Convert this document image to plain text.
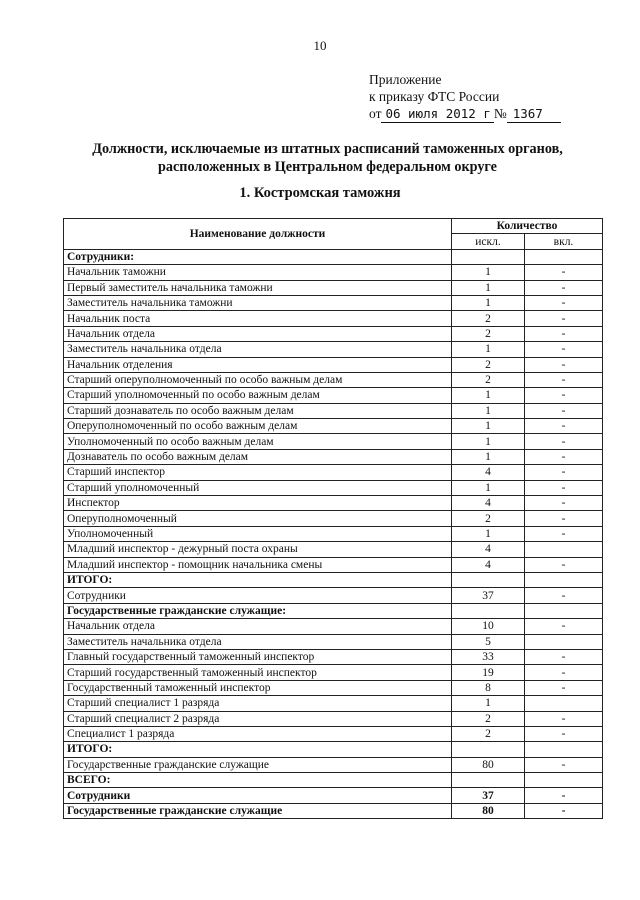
10
Приложение
к приказу ФТС России
от 06 июля 2012 г № 1367
Должности, исключаемые из штатных расписаний таможенных органов,
расположенных в Центральном федеральном округе
1. Костромская таможня
Наименование должности	Количество	
	искл.	вкл.
Сотрудники:		
Начальник таможни	1	-
Первый заместитель начальника таможни	1	-
Заместитель начальника таможни	1	-
Начальник поста	2	-
Начальник отдела	2	-
Заместитель начальника отдела	1	-
Начальник отделения	2	-
Старший оперуполномоченный по особо важным делам	2	-
Старший уполномоченный по особо важным делам	1	-
Старший дознаватель по особо важным делам	1	-
Оперуполномоченный по особо важным делам	1	-
Уполномоченный по особо важным делам	1	-
Дознаватель по особо важным делам	1	-
Старший инспектор	4	-
Старший уполномоченный	1	-
Инспектор	4	-
Оперуполномоченный	2	-
Уполномоченный	1	-
Младший инспектор - дежурный поста охраны	4	
Младший инспектор - помощник начальника смены	4	-
ИТОГО:		
Сотрудники	37	-
Государственные гражданские служащие:		
Начальник отдела	10	-
Заместитель начальника отдела	5	
Главный государственный таможенный инспектор	33	-
Старший государственный таможенный инспектор	19	-
Государственный таможенный инспектор	8	-
Старший специалист 1 разряда	1	
Старший специалист 2 разряда	2	-
Специалист 1 разряда	2	-
ИТОГО:		
Государственные гражданские служащие	80	-
ВСЕГО:		
Сотрудники	37	-
Государственные гражданские служащие	80	-
